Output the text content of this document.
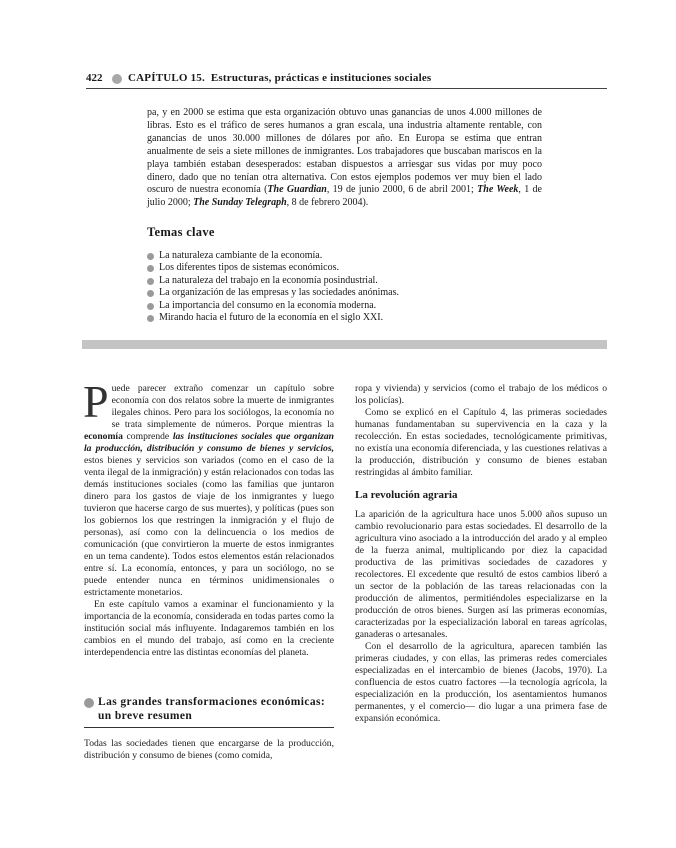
422 CAPÍTULO 15. Estructuras, prácticas e instituciones sociales
pa, y en 2000 se estima que esta organización obtuvo unas ganancias de unos 4.000 millones de libras. Esto es el tráfico de seres humanos a gran escala, una industria altamente rentable, con ganancias de unos 30.000 millones de dólares por año. En Europa se estima que entran anualmente de seis a siete millones de inmigrantes. Los trabajadores que buscaban mariscos en la playa también estaban desesperados: estaban dispuestos a arriesgar sus vidas por muy poco dinero, dado que no tenían otra alternativa. Con estos ejemplos podemos ver muy bien el lado oscuro de nuestra economía (The Guardian, 19 de junio 2000, 6 de abril 2001; The Week, 1 de julio 2000; The Sunday Telegraph, 8 de febrero 2004).
Temas clave
La naturaleza cambiante de la economía.
Los diferentes tipos de sistemas económicos.
La naturaleza del trabajo en la economía posindustrial.
La organización de las empresas y las sociedades anónimas.
La importancia del consumo en la economía moderna.
Mirando hacia el futuro de la economía en el siglo XXI.

Puede parecer extraño comenzar un capítulo sobre economía con dos relatos sobre la muerte de inmigrantes ilegales chinos. Pero para los sociólogos, la economía no se trata simplemente de números. Porque mientras la economía comprende las instituciones sociales que organizan la producción, distribución y consumo de bienes y servicios, estos bienes y servicios son variados (como en el caso de la venta ilegal de la inmigración) y están relacionados con todas las demás instituciones sociales (como las familias que juntaron dinero para los gastos de viaje de los inmigrantes y luego tuvieron que hacerse cargo de sus muertes), y políticas (pues son los gobiernos los que restringen la inmigración y el flujo de personas), así como con la delincuencia o los medios de comunicación (que convirtieron la muerte de estos inmigrantes en un tema candente). Todos estos elementos están relacionados entre sí. La economía, entonces, y para un sociólogo, no se puede entender nunca en términos unidimensionales o estrictamente monetarios.

En este capítulo vamos a examinar el funcionamiento y la importancia de la economía, considerada en todas partes como la institución social más influyente. Indagaremos también en los cambios en el mundo del trabajo, así como en la creciente interdependencia entre las distintas economías del planeta.

Las grandes transformaciones económicas: un breve resumen

Todas las sociedades tienen que encargarse de la producción, distribución y consumo de bienes (como comida,

ropa y vivienda) y servicios (como el trabajo de los médicos o los policías).

Como se explicó en el Capítulo 4, las primeras sociedades humanas fundamentaban su supervivencia en la caza y la recolección. En estas sociedades, tecnológicamente primitivas, no existía una economía diferenciada, y las cuestiones relativas a la producción, distribución y consumo de bienes estaban restringidas al ámbito familiar.

La revolución agraria

La aparición de la agricultura hace unos 5.000 años supuso un cambio revolucionario para estas sociedades. El desarrollo de la agricultura vino asociado a la introducción del arado y al empleo de la fuerza animal, multiplicando por diez la capacidad productiva de las primitivas sociedades de cazadores y recolectores. El excedente que resultó de estos cambios liberó a un sector de la población de las tareas relacionadas con la producción de alimentos, permitiéndoles especializarse en la producción de otros bienes. Surgen así las primeras economías, caracterizadas por la especialización laboral en tareas agrícolas, ganaderas o artesanales.

Con el desarrollo de la agricultura, aparecen también las primeras ciudades, y con ellas, las primeras redes comerciales especializadas en el intercambio de bienes (Jacobs, 1970). La confluencia de estos cuatro factores —la tecnología agrícola, la especialización en la producción, los asentamientos humanos permanentes, y el comercio— dio lugar a una primera fase de expansión económica.
